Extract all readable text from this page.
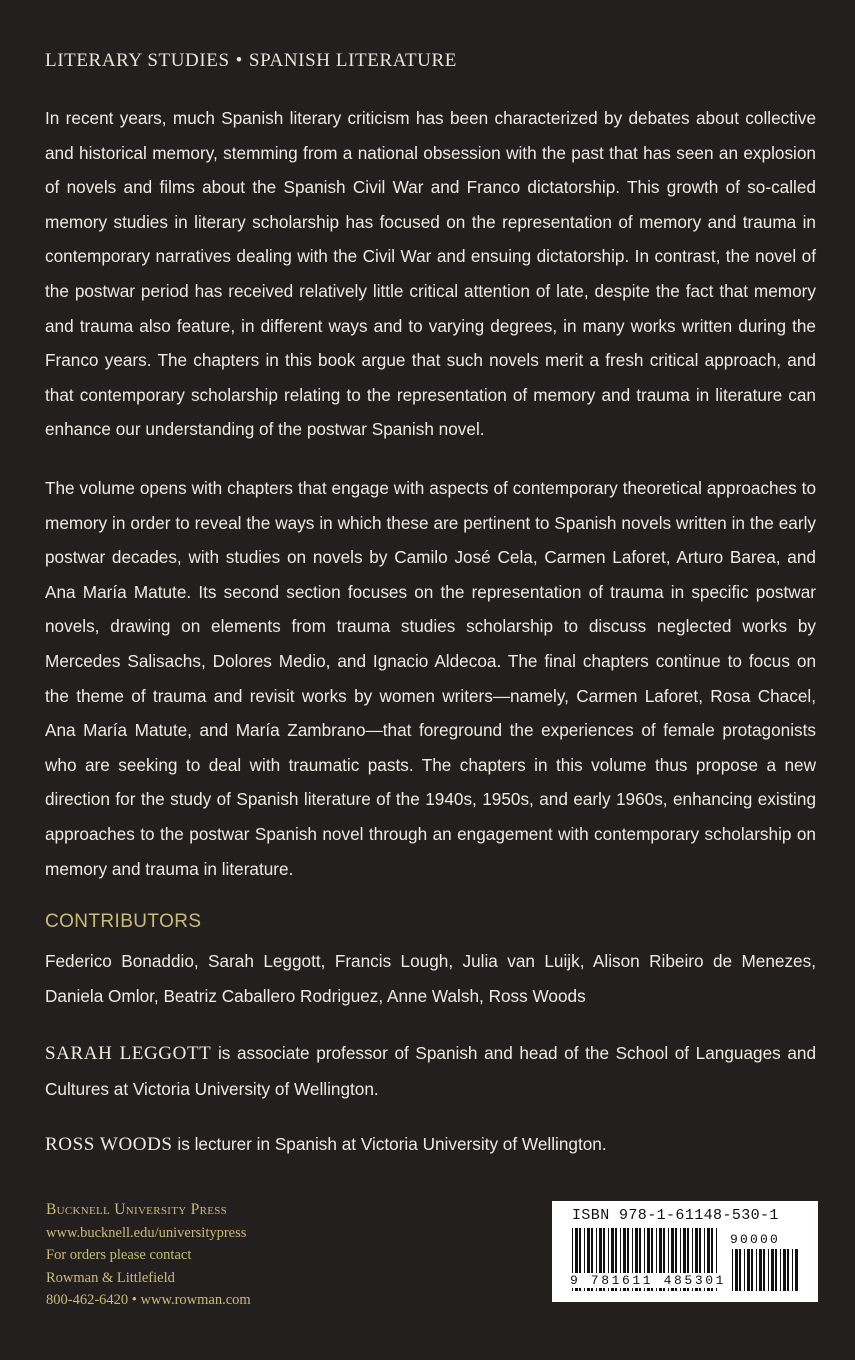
LITERARY STUDIES • SPANISH LITERATURE

In recent years, much Spanish literary criticism has been characterized by debates about collective and historical memory, stemming from a national obsession with the past that has seen an explosion of novels and films about the Spanish Civil War and Franco dictatorship. This growth of so-called memory studies in literary scholarship has focused on the representation of memory and trauma in contemporary narratives dealing with the Civil War and ensuing dictatorship. In contrast, the novel of the postwar period has received relatively little critical attention of late, despite the fact that memory and trauma also feature, in different ways and to varying degrees, in many works written during the Franco years. The chapters in this book argue that such novels merit a fresh critical approach, and that contemporary scholarship relating to the representation of memory and trauma in literature can enhance our understanding of the postwar Spanish novel.

The volume opens with chapters that engage with aspects of contemporary theoretical approaches to memory in order to reveal the ways in which these are pertinent to Spanish novels written in the early postwar decades, with studies on novels by Camilo José Cela, Carmen Laforet, Arturo Barea, and Ana María Matute. Its second section focuses on the representation of trauma in specific postwar novels, drawing on elements from trauma studies scholarship to discuss neglected works by Mercedes Salisachs, Dolores Medio, and Ignacio Aldecoa. The final chapters continue to focus on the theme of trauma and revisit works by women writers—namely, Carmen Laforet, Rosa Chacel, Ana María Matute, and María Zambrano—that foreground the experiences of female protagonists who are seeking to deal with traumatic pasts. The chapters in this volume thus propose a new direction for the study of Spanish literature of the 1940s, 1950s, and early 1960s, enhancing existing approaches to the postwar Spanish novel through an engagement with contemporary scholarship on memory and trauma in literature.

CONTRIBUTORS

Federico Bonaddio, Sarah Leggott, Francis Lough, Julia van Luijk, Alison Ribeiro de Menezes, Daniela Omlor, Beatriz Caballero Rodriguez, Anne Walsh, Ross Woods

SARAH LEGGOTT is associate professor of Spanish and head of the School of Languages and Cultures at Victoria University of Wellington.

ROSS WOODS is lecturer in Spanish at Victoria University of Wellington.

Bucknell University Press
www.bucknell.edu/universitypress
For orders please contact
Rowman & Littlefield
800-462-6420 • www.rowman.com
ISBN 978-1-61148-530-1
90000
9 781611 485301
